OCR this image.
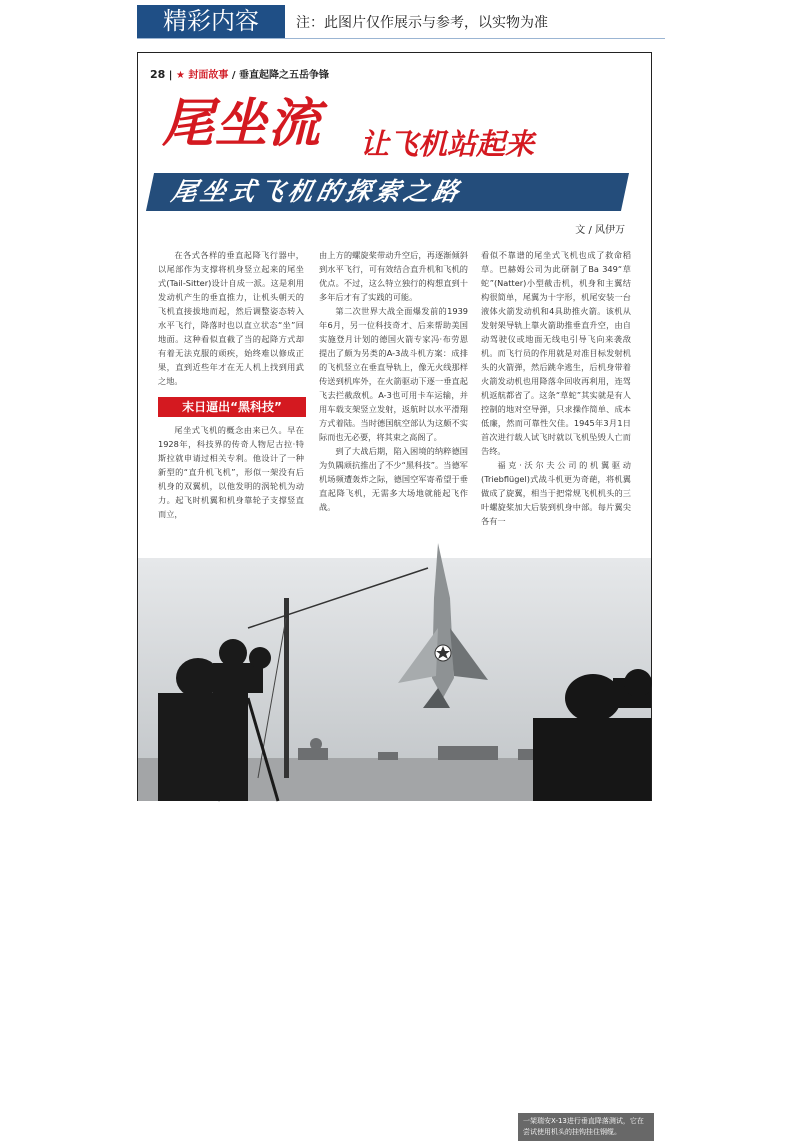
精彩内容	注：此图片仅作展示与参考，以实物为准
28 | ★ 封面故事 / 垂直起降之五岳争锋
尾坐流 让飞机站起来
尾坐式飞机的探索之路
文 / 风伊万

在各式各样的垂直起降飞行器中，以尾部作为支撑将机身竖立起来的尾坐式(Tail-Sitter)设计自成一派。这是利用发动机产生的垂直推力，让机头朝天的飞机直接拔地而起，然后调整姿态转入水平飞行，降落时也以直立状态“坐”回地面。这种看似直截了当的起降方式却有着无法克服的顽疾，始终难以修成正果，直到近些年才在无人机上找到用武之地。

末日逼出“黑科技”

尾坐式飞机的概念由来已久。早在1928年，科技界的传奇人物尼古拉·特斯拉就申请过相关专利。他设计了一种新型的“直升机飞机”，形似一架没有后机身的双翼机，以他发明的涡轮机为动力。起飞时机翼和机身靠轮子支撑竖直而立，

由上方的螺旋桨带动升空后，再逐渐倾斜到水平飞行，可有效结合直升机和飞机的优点。不过，这么特立独行的构想直到十多年后才有了实践的可能。

第二次世界大战全面爆发前的1939年6月，另一位科技奇才、后来帮助美国实施登月计划的德国火箭专家冯·布劳恩提出了颇为另类的A-3战斗机方案：成排的飞机竖立在垂直导轨上，像无火线那样传送到机库外，在火箭驱动下逐一垂直起飞去拦截敌机。A-3也可用卡车运输，并用车载支架竖立发射，返航时以水平滑翔方式着陆。当时德国航空部认为这颇不实际而也无必要，将其束之高阁了。

到了大战后期，陷入困境的纳粹德国为负隅顽抗推出了不少“黑科技”。当德军机场频遭轰炸之际，德国空军寄希望于垂直起降飞机，无需多大场地就能起飞作战。

看似不靠谱的尾坐式飞机也成了救命稻草。巴赫姆公司为此研制了Ba 349“草蛇”(Natter)小型截击机，机身和主翼结构很简单，尾翼为十字形，机尾安装一台液体火箭发动机和4具助推火箭。该机从发射架导轨上靠火箭助推垂直升空，由自动驾驶仪或地面无线电引导飞向来袭敌机。而飞行员的作用就是对准目标发射机头的火箭弹，然后跳伞逃生，后机身带着火箭发动机也用降落伞回收再利用，连驾机返航都省了。这条“草蛇”其实就是有人控制的地对空导弹，只求操作简单、成本低廉，然而可靠性欠佳。1945年3月1日首次进行载人试飞时就以飞机坠毁人亡而告终。

福克·沃尔夫公司的机翼驱动(Triebflügel)式战斗机更为奇葩，将机翼做成了旋翼，相当于把常规飞机机头的三叶螺旋桨加大后装到机身中部。每片翼尖各有一

一架瑞安X-13进行垂直降落测试，它在尝试使用机头的挂钩挂住钢缆。
